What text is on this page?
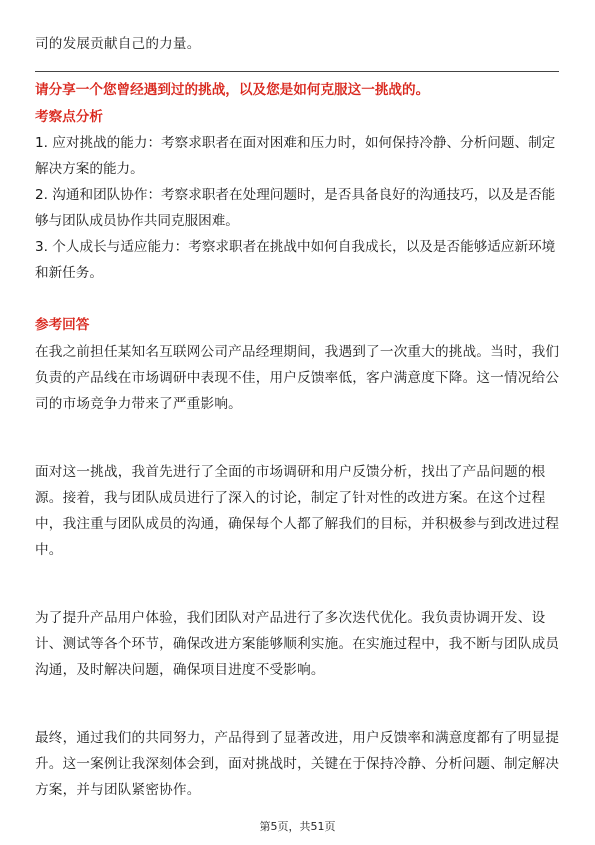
司的发展贡献自己的力量。

请分享一个您曾经遇到过的挑战，以及您是如何克服这一挑战的。

考察点分析

1. 应对挑战的能力：考察求职者在面对困难和压力时，如何保持冷静、分析问题、制定解决方案的能力。
2. 沟通和团队协作：考察求职者在处理问题时，是否具备良好的沟通技巧，以及是否能够与团队成员协作共同克服困难。
3. 个人成长与适应能力：考察求职者在挑战中如何自我成长，以及是否能够适应新环境和新任务。

参考回答

在我之前担任某知名互联网公司产品经理期间，我遇到了一次重大的挑战。当时，我们负责的产品线在市场调研中表现不佳，用户反馈率低，客户满意度下降。这一情况给公司的市场竞争力带来了严重影响。

面对这一挑战，我首先进行了全面的市场调研和用户反馈分析，找出了产品问题的根源。接着，我与团队成员进行了深入的讨论，制定了针对性的改进方案。在这个过程中，我注重与团队成员的沟通，确保每个人都了解我们的目标，并积极参与到改进过程中。

为了提升产品用户体验，我们团队对产品进行了多次迭代优化。我负责协调开发、设计、测试等各个环节，确保改进方案能够顺利实施。在实施过程中，我不断与团队成员沟通，及时解决问题，确保项目进度不受影响。

最终，通过我们的共同努力，产品得到了显著改进，用户反馈率和满意度都有了明显提升。这一案例让我深刻体会到，面对挑战时，关键在于保持冷静、分析问题、制定解决方案，并与团队紧密协作。

第5页，共51页
